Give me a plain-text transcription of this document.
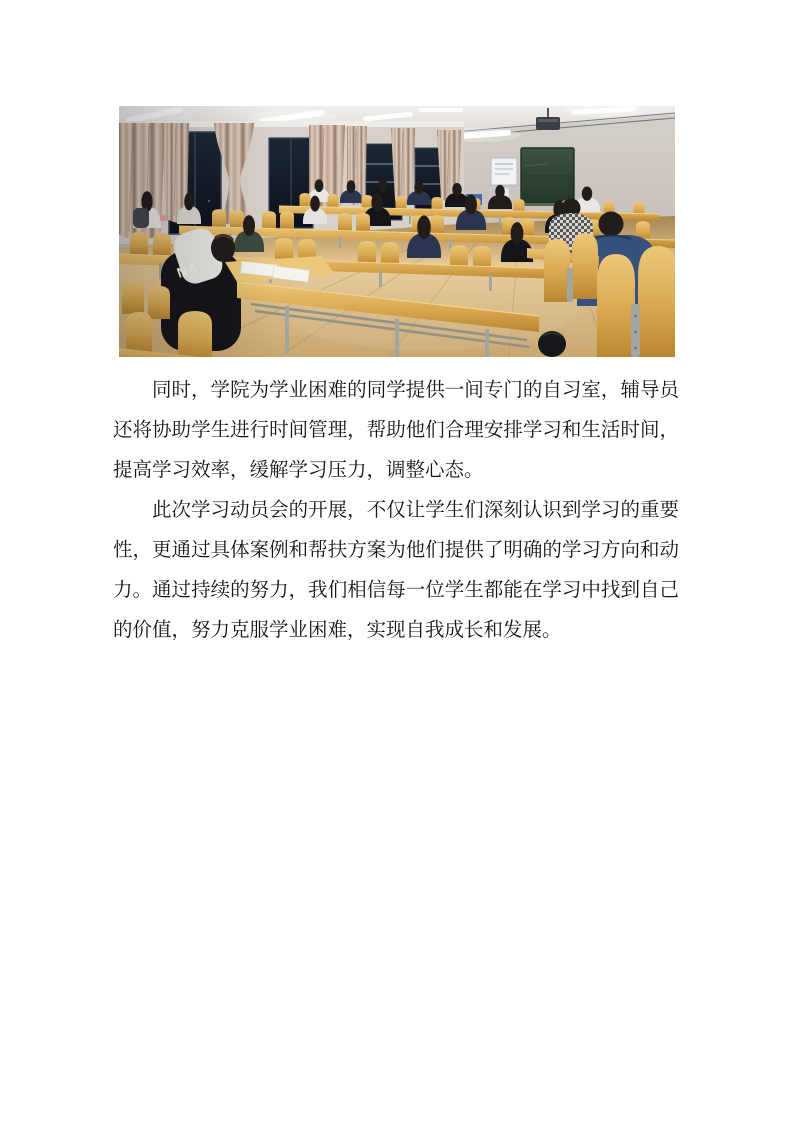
同时，学院为学业困难的同学提供一间专门的自习室，辅导员还将协助学生进行时间管理，帮助他们合理安排学习和生活时间，提高学习效率，缓解学习压力，调整心态。

此次学习动员会的开展，不仅让学生们深刻认识到学习的重要性，更通过具体案例和帮扶方案为他们提供了明确的学习方向和动力。通过持续的努力，我们相信每一位学生都能在学习中找到自己的价值，努力克服学业困难，实现自我成长和发展。
